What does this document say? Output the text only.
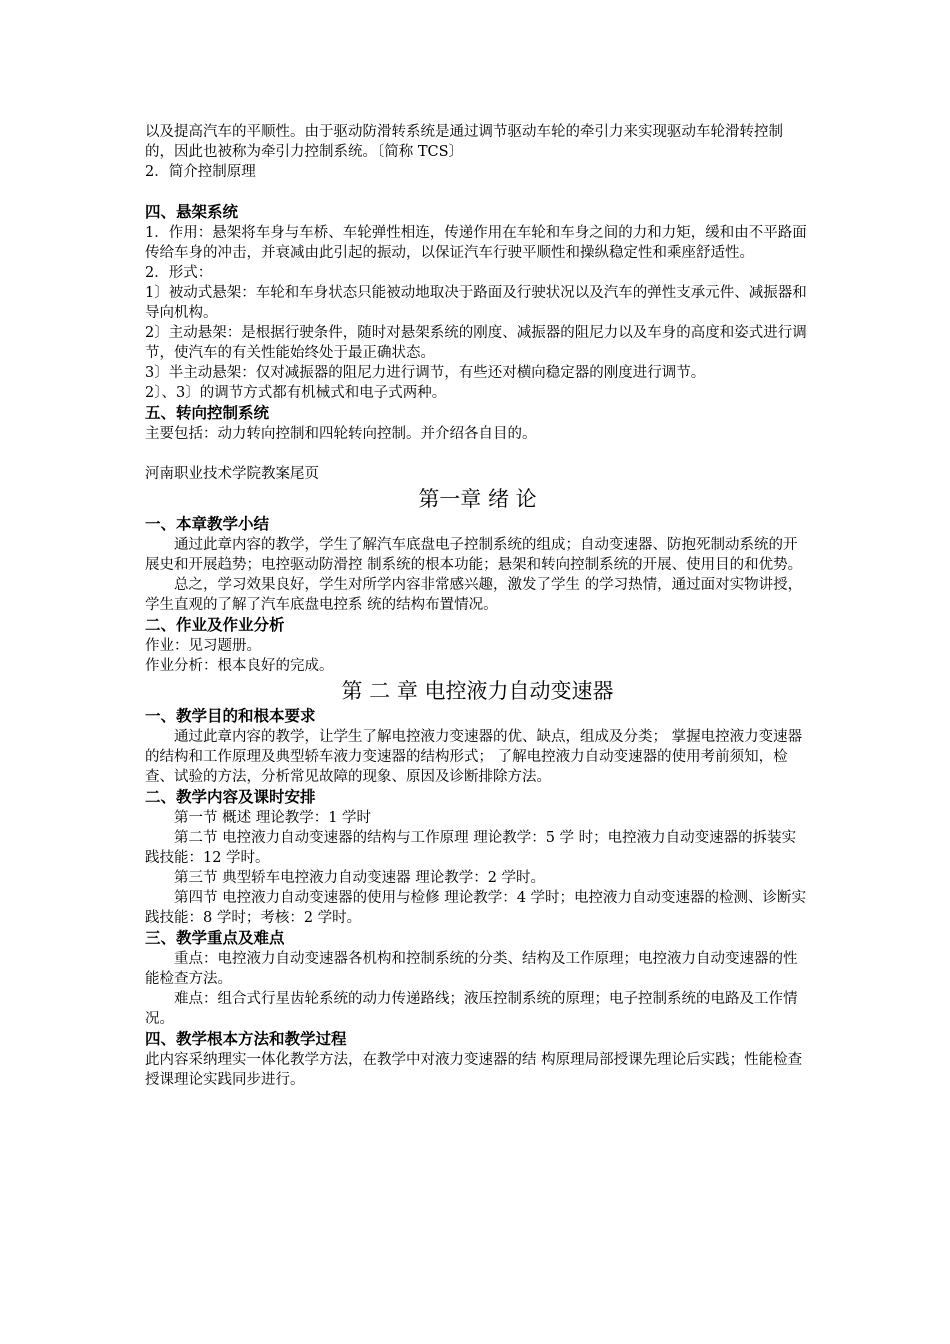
以及提高汽车的平顺性。由于驱动防滑转系统是通过调节驱动车轮的牵引力来实现驱动车轮滑转控制的，因此也被称为牵引力控制系统。〔简称 TCS〕

2．简介控制原理

四、悬架系统

1．作用：悬架将车身与车桥、车轮弹性相连，传递作用在车轮和车身之间的力和力矩，缓和由不平路面传给车身的冲击，并衰减由此引起的振动，以保证汽车行驶平顺性和操纵稳定性和乘座舒适性。

2．形式：

1〕被动式悬架：车轮和车身状态只能被动地取决于路面及行驶状况以及汽车的弹性支承元件、减振器和导向机构。

2〕主动悬架：是根据行驶条件，随时对悬架系统的刚度、减振器的阻尼力以及车身的高度和姿式进行调节，使汽车的有关性能始终处于最正确状态。

3〕半主动悬架：仅对减振器的阻尼力进行调节，有些还对横向稳定器的刚度进行调节。

2〕、3〕的调节方式都有机械式和电子式两种。

五、转向控制系统

主要包括：动力转向控制和四轮转向控制。并介绍各自目的。

河南职业技术学院教案尾页

第一章 绪 论

一、本章教学小结

通过此章内容的教学，学生了解汽车底盘电子控制系统的组成；自动变速器、防抱死制动系统的开展史和开展趋势；电控驱动防滑控 制系统的根本功能；悬架和转向控制系统的开展、使用目的和优势。

总之，学习效果良好，学生对所学内容非常感兴趣，激发了学生 的学习热情，通过面对实物讲授，学生直观的了解了汽车底盘电控系 统的结构布置情况。

二、作业及作业分析

作业：见习题册。

作业分析：根本良好的完成。

第 二 章 电控液力自动变速器

一、教学目的和根本要求

通过此章内容的教学，让学生了解电控液力变速器的优、缺点，组成及分类； 掌握电控液力变速器的结构和工作原理及典型轿车液力变速器的结构形式； 了解电控液力自动变速器的使用考前须知，检查、试验的方法，分析常见故障的现象、原因及诊断排除方法。

二、教学内容及课时安排

第一节 概述 理论教学：1 学时

第二节 电控液力自动变速器的结构与工作原理 理论教学：5 学 时；电控液力自动变速器的拆装实践技能：12 学时。

第三节 典型轿车电控液力自动变速器 理论教学：2 学时。

第四节 电控液力自动变速器的使用与检修 理论教学：4 学时；电控液力自动变速器的检测、诊断实践技能：8 学时；考核：2 学时。

三、教学重点及难点

重点：电控液力自动变速器各机构和控制系统的分类、结构及工作原理；电控液力自动变速器的性能检查方法。

难点：组合式行星齿轮系统的动力传递路线；液压控制系统的原理；电子控制系统的电路及工作情况。

四、教学根本方法和教学过程

此内容采纳理实一体化教学方法，在教学中对液力变速器的结 构原理局部授课先理论后实践；性能检查授课理论实践同步进行。
